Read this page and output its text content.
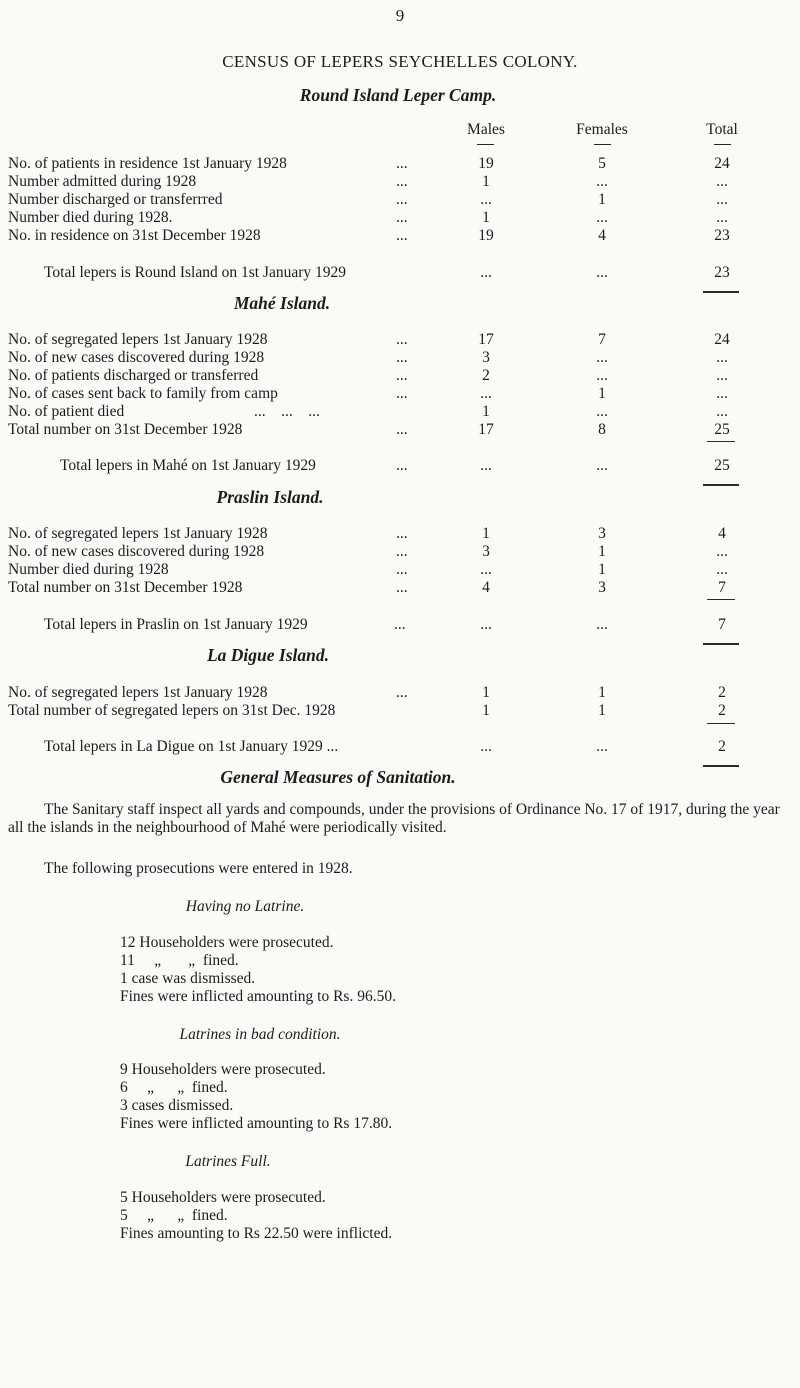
9
CENSUS OF LEPERS SEYCHELLES COLONY.
Round Island Leper Camp.
Males	Females	Total
No. of patients in residence 1st January 1928	...	19	5	24
Number admitted during 1928	...	1	...	...
Number discharged or transferrred	...	...	1	...
Number died during 1928.	...	1	...	...
No. in residence on 31st December 1928	...	19	4	23
Total lepers is Round Island on 1st January 1929	...	...	23
Mahé Island.
No. of segregated lepers 1st January 1928	...	17	7	24
No. of new cases discovered during 1928	...	3	...	...
No. of patients discharged or transferred	...	2	...	...
No. of cases sent back to family from camp	...	...	1	...
No. of patient died	...    ...    ...	1	...	...
Total number on 31st December 1928	...	17	8	25
Total lepers in Mahé on 1st January 1929	...	...	...	25
Praslin Island.
No. of segregated lepers 1st January 1928	...	1	3	4
No. of new cases discovered during 1928	...	3	1	...
Number died during 1928	...	...	1	...
Total number on 31st December 1928	...	4	3	7
Total lepers in Praslin on 1st January 1929	...	...	...	7
La Digue Island.
No. of segregated lepers 1st January 1928	...	1	1	2
Total number of segregated lepers on 31st Dec. 1928	1	1	2
Total lepers in La Digue on 1st January 1929 ...	...	...	2
General Measures of Sanitation.

The Sanitary staff inspect all yards and compounds, under the provisions of Ordinance No. 17 of 1917, during the year all the islands in the neighbourhood of Mahé were periodically visited.

The following prosecutions were entered in 1928.

Having no Latrine.
12 Householders were prosecuted.
11     „       „  fined.
1 case was dismissed.
Fines were inflicted amounting to Rs. 96.50.
Latrines in bad condition.
9 Householders were prosecuted.
6     „      „  fined.
3 cases dismissed.
Fines were inflicted amounting to Rs 17.80.
Latrines Full.
5 Householders were prosecuted.
5     „      „  fined.
Fines amounting to Rs 22.50 were inflicted.
